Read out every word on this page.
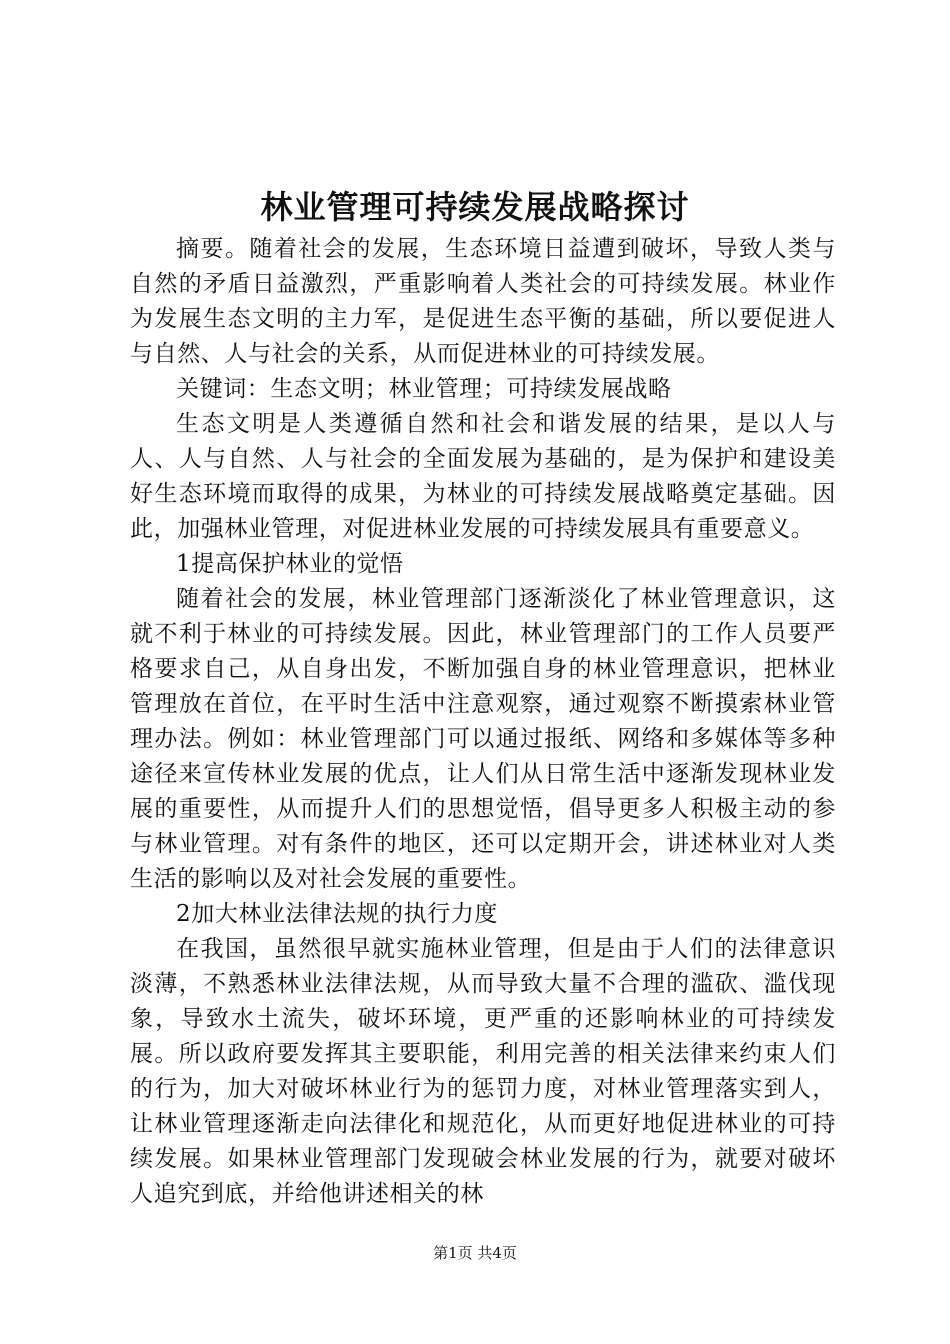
林业管理可持续发展战略探讨

摘要。随着社会的发展，生态环境日益遭到破坏，导致人类与自然的矛盾日益激烈，严重影响着人类社会的可持续发展。林业作为发展生态文明的主力军，是促进生态平衡的基础，所以要促进人与自然、人与社会的关系，从而促进林业的可持续发展。

关键词：生态文明；林业管理；可持续发展战略

生态文明是人类遵循自然和社会和谐发展的结果，是以人与人、人与自然、人与社会的全面发展为基础的，是为保护和建设美好生态环境而取得的成果，为林业的可持续发展战略奠定基础。因此，加强林业管理，对促进林业发展的可持续发展具有重要意义。

1提高保护林业的觉悟

随着社会的发展，林业管理部门逐渐淡化了林业管理意识，这就不利于林业的可持续发展。因此，林业管理部门的工作人员要严格要求自己，从自身出发，不断加强自身的林业管理意识，把林业管理放在首位，在平时生活中注意观察，通过观察不断摸索林业管理办法。例如：林业管理部门可以通过报纸、网络和多媒体等多种途径来宣传林业发展的优点，让人们从日常生活中逐渐发现林业发展的重要性，从而提升人们的思想觉悟，倡导更多人积极主动的参与林业管理。对有条件的地区，还可以定期开会，讲述林业对人类生活的影响以及对社会发展的重要性。

2加大林业法律法规的执行力度

在我国，虽然很早就实施林业管理，但是由于人们的法律意识淡薄，不熟悉林业法律法规，从而导致大量不合理的滥砍、滥伐现象，导致水土流失，破坏环境，更严重的还影响林业的可持续发展。所以政府要发挥其主要职能，利用完善的相关法律来约束人们的行为，加大对破坏林业行为的惩罚力度，对林业管理落实到人，让林业管理逐渐走向法律化和规范化，从而更好地促进林业的可持续发展。如果林业管理部门发现破会林业发展的行为，就要对破坏人追究到底，并给他讲述相关的林

第1页 共4页
